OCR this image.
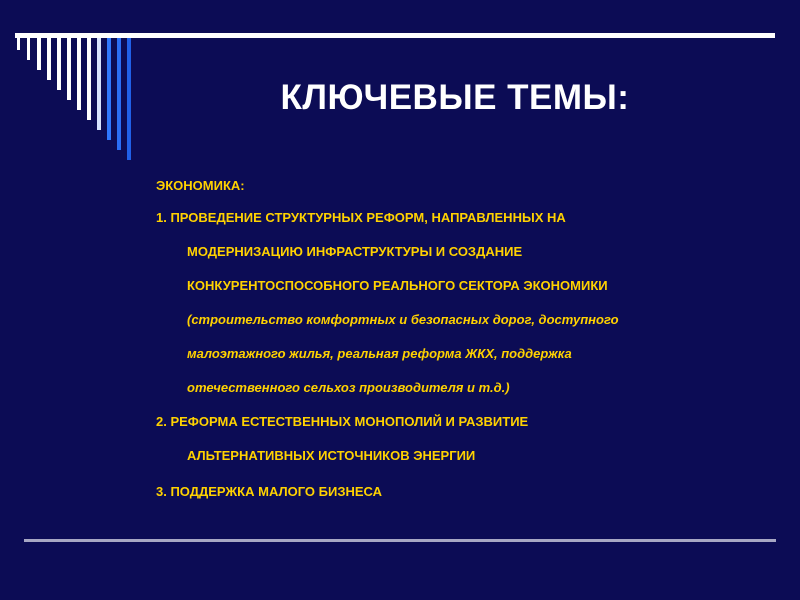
КЛЮЧЕВЫЕ ТЕМЫ:
ЭКОНОМИКА:
1. ПРОВЕДЕНИЕ СТРУКТУРНЫХ РЕФОРМ, НАПРАВЛЕННЫХ НА
МОДЕРНИЗАЦИЮ ИНФРАСТРУКТУРЫ И СОЗДАНИЕ
КОНКУРЕНТОСПОСОБНОГО РЕАЛЬНОГО СЕКТОРА ЭКОНОМИКИ
(строительство комфортных и безопасных дорог, доступного
малоэтажного жилья, реальная реформа ЖКХ, поддержка
отечественного сельхоз производителя и т.д.)
2. РЕФОРМА ЕСТЕСТВЕННЫХ МОНОПОЛИЙ И РАЗВИТИЕ
АЛЬТЕРНАТИВНЫХ ИСТОЧНИКОВ ЭНЕРГИИ
3. ПОДДЕРЖКА МАЛОГО БИЗНЕСА
